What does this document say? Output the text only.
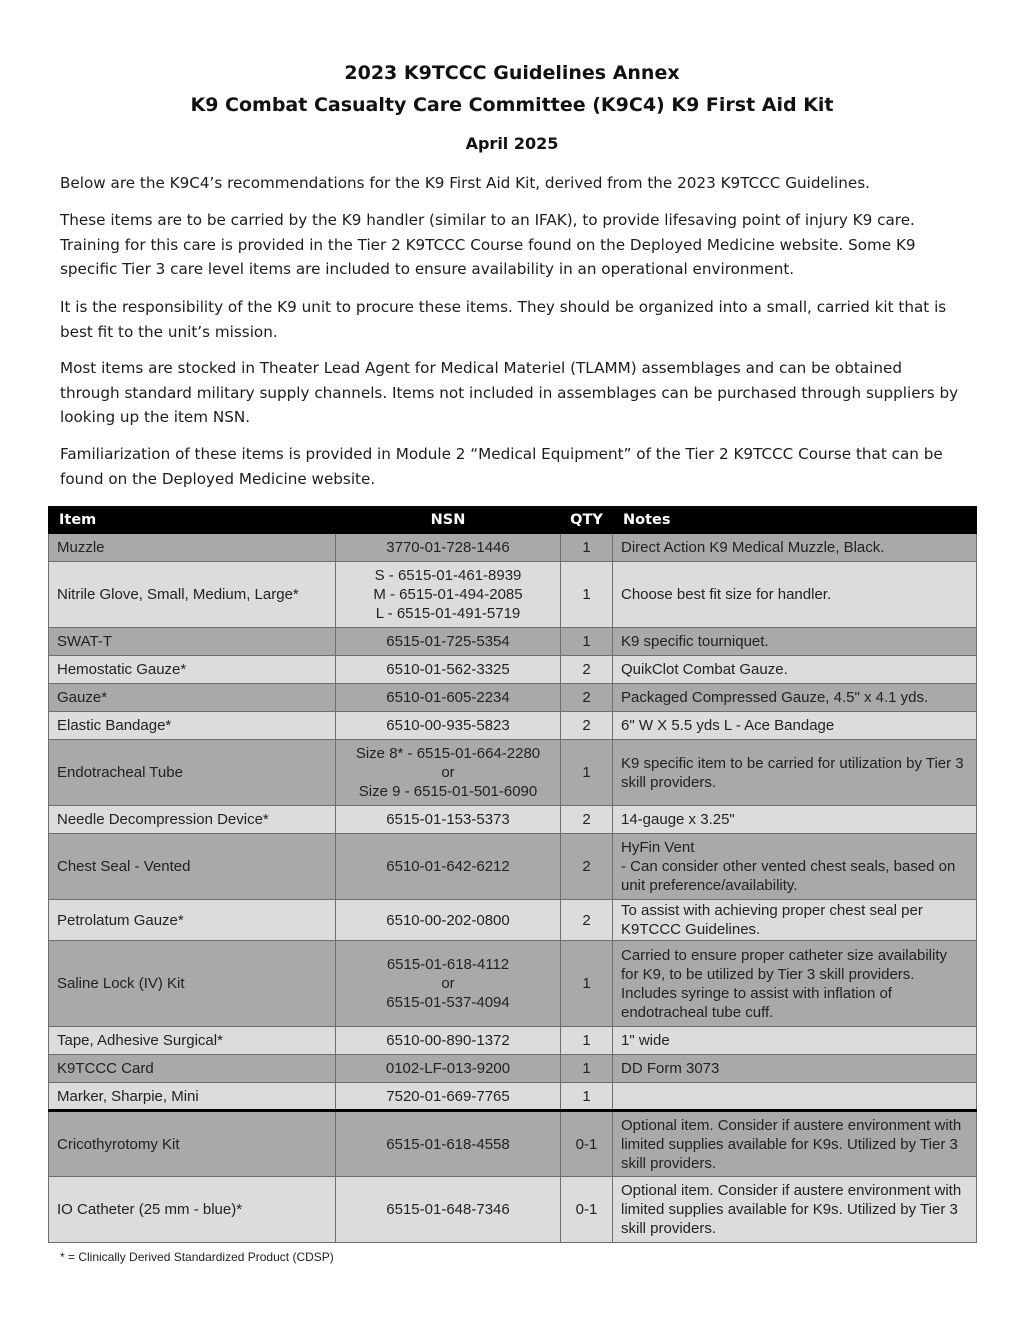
2023 K9TCCC Guidelines Annex
K9 Combat Casualty Care Committee (K9C4) K9 First Aid Kit
April 2025
Below are the K9C4’s recommendations for the K9 First Aid Kit, derived from the 2023 K9TCCC Guidelines.
These items are to be carried by the K9 handler (similar to an IFAK), to provide lifesaving point of injury K9 care. Training for this care is provided in the Tier 2 K9TCCC Course found on the Deployed Medicine website. Some K9 specific Tier 3 care level items are included to ensure availability in an operational environment.
It is the responsibility of the K9 unit to procure these items. They should be organized into a small, carried kit that is best fit to the unit’s mission.
Most items are stocked in Theater Lead Agent for Medical Materiel (TLAMM) assemblages and can be obtained through standard military supply channels. Items not included in assemblages can be purchased through suppliers by looking up the item NSN.
Familiarization of these items is provided in Module 2 “Medical Equipment” of the Tier 2 K9TCCC Course that can be found on the Deployed Medicine website.
Item	NSN	QTY	Notes
Muzzle	3770-01-728-1446	1	Direct Action K9 Medical Muzzle, Black.

Nitrile Glove, Small, Medium, Large*	S - 6515-01-461-8939
M - 6515-01-494-2085
L - 6515-01-491-5719	1	Choose best fit size for handler.

SWAT-T	6515-01-725-5354	1	K9 specific tourniquet.

Hemostatic Gauze*	6510-01-562-3325	2	QuikClot Combat Gauze.

Gauze*	6510-01-605-2234	2	Packaged Compressed Gauze, 4.5" x 4.1 yds.

Elastic Bandage*	6510-00-935-5823	2	6" W X 5.5 yds L - Ace Bandage

Endotracheal Tube	Size 8* - 6515-01-664-2280
or
Size 9 - 6515-01-501-6090	1	K9 specific item to be carried for utilization by Tier 3 skill providers.

Needle Decompression Device*	6515-01-153-5373	2	14-gauge x 3.25"

Chest Seal - Vented	6510-01-642-6212	2	HyFin Vent
- Can consider other vented chest seals, based on unit preference/availability.

Petrolatum Gauze*	6510-00-202-0800	2	To assist with achieving proper chest seal per K9TCCC Guidelines.

Saline Lock (IV) Kit	6515-01-618-4112
or
6515-01-537-4094	1	Carried to ensure proper catheter size availability for K9, to be utilized by Tier 3 skill providers. Includes syringe to assist with inflation of endotracheal tube cuff.

Tape, Adhesive Surgical*	6510-00-890-1372	1	1" wide

K9TCCC Card	0102-LF-013-9200	1	DD Form 3073

Marker, Sharpie, Mini	7520-01-669-7765	1	

Cricothyrotomy Kit	6515-01-618-4558	0-1	Optional item. Consider if austere environment with limited supplies available for K9s. Utilized by Tier 3 skill providers.

IO Catheter (25 mm - blue)*	6515-01-648-7346	0-1	Optional item. Consider if austere environment with limited supplies available for K9s. Utilized by Tier 3 skill providers.
* = Clinically Derived Standardized Product (CDSP)
